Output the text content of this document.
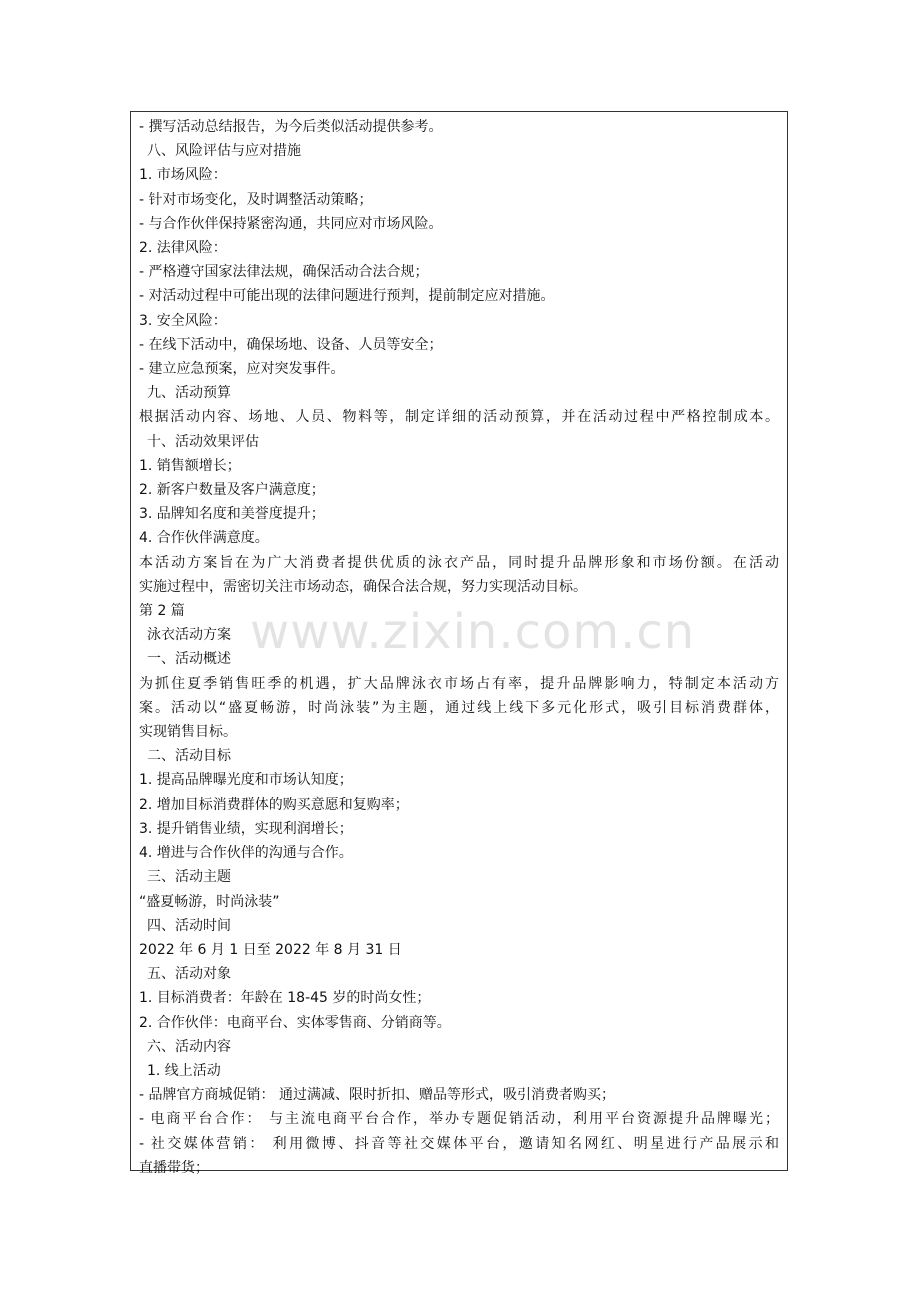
- 撰写活动总结报告，为今后类似活动提供参考。
八、风险评估与应对措施
1. 市场风险：
- 针对市场变化，及时调整活动策略；
- 与合作伙伴保持紧密沟通，共同应对市场风险。
2. 法律风险：
- 严格遵守国家法律法规，确保活动合法合规；
- 对活动过程中可能出现的法律问题进行预判，提前制定应对措施。
3. 安全风险：
- 在线下活动中，确保场地、设备、人员等安全；
- 建立应急预案，应对突发事件。
九、活动预算
根据活动内容、场地、人员、物料等，制定详细的活动预算，并在活动过程中严格控制成本。
十、活动效果评估
1. 销售额增长；
2. 新客户数量及客户满意度；
3. 品牌知名度和美誉度提升；
4. 合作伙伴满意度。
本活动方案旨在为广大消费者提供优质的泳衣产品，同时提升品牌形象和市场份额。在活动
实施过程中，需密切关注市场动态，确保合法合规，努力实现活动目标。
第 2 篇
泳衣活动方案
一、活动概述
为抓住夏季销售旺季的机遇，扩大品牌泳衣市场占有率，提升品牌影响力，特制定本活动方
案。活动以“盛夏畅游，时尚泳装”为主题，通过线上线下多元化形式，吸引目标消费群体，
实现销售目标。
二、活动目标
1. 提高品牌曝光度和市场认知度；
2. 增加目标消费群体的购买意愿和复购率；
3. 提升销售业绩，实现利润增长；
4. 增进与合作伙伴的沟通与合作。
三、活动主题
“盛夏畅游，时尚泳装”
四、活动时间
2022 年 6 月 1 日至 2022 年 8 月 31 日
五、活动对象
1. 目标消费者：年龄在 18-45 岁的时尚女性；
2. 合作伙伴：电商平台、实体零售商、分销商等。
六、活动内容
1. 线上活动
- 品牌官方商城促销： 通过满减、限时折扣、赠品等形式，吸引消费者购买；
- 电商平台合作： 与主流电商平台合作，举办专题促销活动，利用平台资源提升品牌曝光；
- 社交媒体营销： 利用微博、抖音等社交媒体平台，邀请知名网红、明星进行产品展示和
直播带货；
www.zixin.com.cn
